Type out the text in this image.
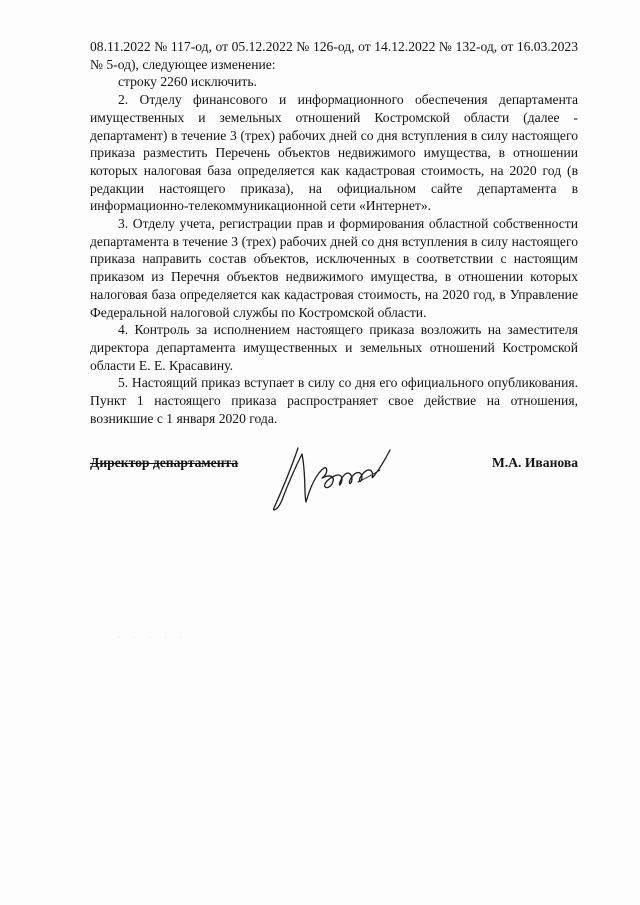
08.11.2022 № 117-од, от 05.12.2022 № 126-од, от 14.12.2022 № 132-од, от 16.03.2023 № 5-од), следующее изменение:

строку 2260 исключить.

2. Отделу финансового и информационного обеспечения департамента имущественных и земельных отношений Костромской области (далее - департамент) в течение 3 (трех) рабочих дней со дня вступления в силу настоящего приказа разместить Перечень объектов недвижимого имущества, в отношении которых налоговая база определяется как кадастровая стоимость, на 2020 год (в редакции настоящего приказа), на официальном сайте департамента в информационно-телекоммуникационной сети «Интернет».

3. Отделу учета, регистрации прав и формирования областной собственности департамента в течение 3 (трех) рабочих дней со дня вступления в силу настоящего приказа направить состав объектов, исключенных в соответствии с настоящим приказом из Перечня объектов недвижимого имущества, в отношении которых налоговая база определяется как кадастровая стоимость, на 2020 год, в Управление Федеральной налоговой службы по Костромской области.

4. Контроль за исполнением настоящего приказа возложить на заместителя директора департамента имущественных и земельных отношений Костромской области Е. Е. Красавину.

5. Настоящий приказ вступает в силу со дня его официального опубликования. Пункт 1 настоящего приказа распространяет свое действие на отношения, возникшие с 1 января 2020 года.

Директор департамента	М.А. Иванова
· · · · ·
